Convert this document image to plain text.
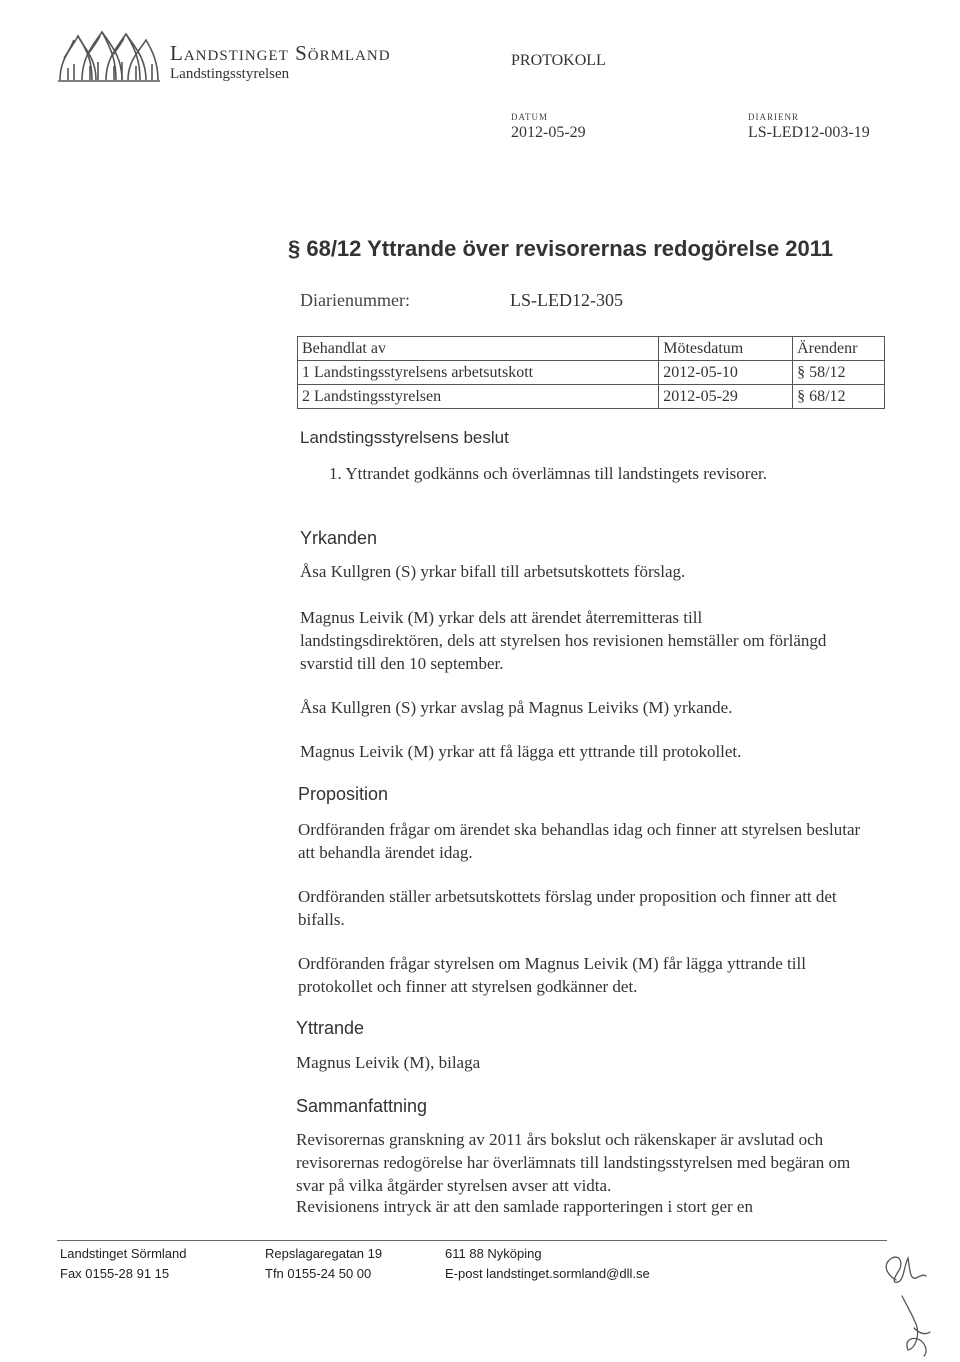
Landstinget Sörmland
Landstingsstyrelsen
PROTOKOLL
DATUM
2012-05-29
DIARIENR
LS-LED12-003-19
§ 68/12 Yttrande över revisorernas redogörelse 2011
Diarienummer:	LS-LED12-305
Behandlat av	Mötesdatum	Ärendenr
1 Landstingsstyrelsens arbetsutskott	2012-05-10	§ 58/12
2 Landstingsstyrelsen	2012-05-29	§ 68/12
Landstingsstyrelsens beslut
1. Yttrandet godkänns och överlämnas till landstingets revisorer.
Yrkanden
Åsa Kullgren (S) yrkar bifall till arbetsutskottets förslag.
Magnus Leivik (M) yrkar dels att ärendet återremitteras till landstingsdirektören, dels att styrelsen hos revisionen hemställer om förlängd svarstid till den 10 september.
Åsa Kullgren (S) yrkar avslag på Magnus Leiviks (M) yrkande.
Magnus Leivik (M) yrkar att få lägga ett yttrande till protokollet.
Proposition
Ordföranden frågar om ärendet ska behandlas idag och finner att styrelsen beslutar att behandla ärendet idag.
Ordföranden ställer arbetsutskottets förslag under proposition och finner att det bifalls.
Ordföranden frågar styrelsen om Magnus Leivik (M) får lägga yttrande till protokollet och finner att styrelsen godkänner det.
Yttrande
Magnus Leivik (M), bilaga
Sammanfattning
Revisorernas granskning av 2011 års bokslut och räkenskaper är avslutad och revisorernas redogörelse har överlämnats till landstingsstyrelsen med begäran om svar på vilka åtgärder styrelsen avser att vidta.
Revisionens intryck är att den samlade rapporteringen i stort ger en
Landstinget Sörmland
Fax 0155-28 91 15
Repslagaregatan 19
Tfn 0155-24 50 00
611 88 Nyköping
E-post landstinget.sormland@dll.se
